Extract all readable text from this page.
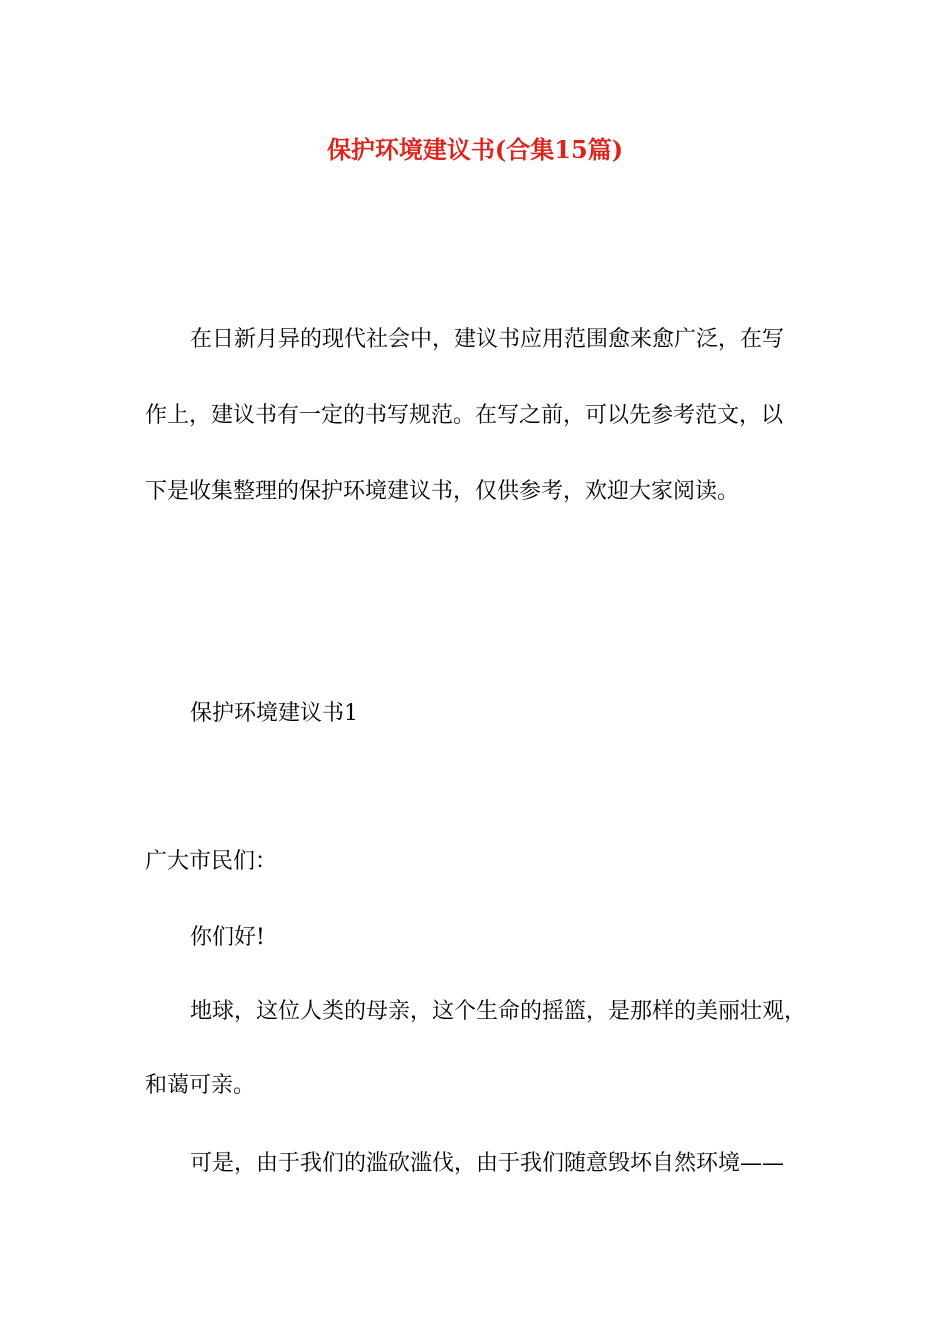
保护环境建议书(合集15篇)
在日新月异的现代社会中，建议书应用范围愈来愈广泛，在写
作上，建议书有一定的书写规范。在写之前，可以先参考范文，以
下是收集整理的保护环境建议书，仅供参考，欢迎大家阅读。
保护环境建议书1
广大市民们：
你们好!
地球，这位人类的母亲，这个生命的摇篮，是那样的美丽壮观，
和蔼可亲。
可是，由于我们的滥砍滥伐，由于我们随意毁坏自然环境——
